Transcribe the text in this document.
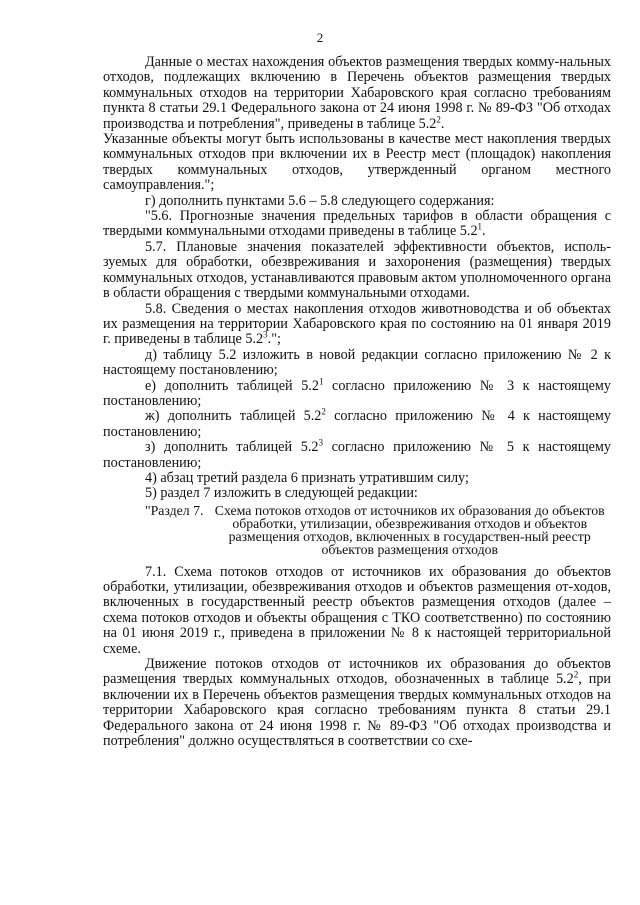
2

Данные о местах нахождения объектов размещения твердых комму-нальных отходов, подлежащих включению в Перечень объектов размещения твердых коммунальных отходов на территории Хабаровского края согласно требованиям пункта 8 статьи 29.1 Федерального закона от 24 июня 1998 г. № 89-ФЗ "Об отходах производства и потребления", приведены в таблице $5.2^2$.

Указанные объекты могут быть использованы в качестве мест накопления твердых коммунальных отходов при включении их в Реестр мест (площадок) накопления твердых коммунальных отходов, утвержденный органом местного самоуправления.";

г) дополнить пунктами 5.6 – 5.8 следующего содержания:

"5.6. Прогнозные значения предельных тарифов в области обращения с твердыми коммунальными отходами приведены в таблице $5.2^1$.

5.7. Плановые значения показателей эффективности объектов, исполь-зуемых для обработки, обезвреживания и захоронения (размещения) твердых коммунальных отходов, устанавливаются правовым актом уполномоченного органа в области обращения с твердыми коммунальными отходами.

5.8. Сведения о местах накопления отходов животноводства и об объектах их размещения на территории Хабаровского края по состоянию на 01 января 2019 г. приведены в таблице $5.2^3$.";

д) таблицу 5.2 изложить в новой редакции согласно приложению № 2 к настоящему постановлению;

е) дополнить таблицей $5.2^1$ согласно приложению № 3 к настоящему постановлению;

ж) дополнить таблицей $5.2^2$ согласно приложению № 4 к настоящему постановлению;

з) дополнить таблицей $5.2^3$ согласно приложению № 5 к настоящему постановлению;

4) абзац третий раздела 6 признать утратившим силу;

5) раздел 7 изложить в следующей редакции:

"Раздел 7. Схема потоков отходов от источников их образования до объектов обработки, утилизации, обезвреживания отходов и объектов размещения отходов, включенных в государствен-ный реестр объектов размещения отходов

7.1. Схема потоков отходов от источников их образования до объектов обработки, утилизации, обезвреживания отходов и объектов размещения от-ходов, включенных в государственный реестр объектов размещения отходов (далее – схема потоков отходов и объекты обращения с ТКО соответственно) по состоянию на 01 июня 2019 г., приведена в приложении № 8 к настоящей территориальной схеме.

Движение потоков отходов от источников их образования до объектов размещения твердых коммунальных отходов, обозначенных в таблице $5.2^2$, при включении их в Перечень объектов размещения твердых коммунальных отходов на территории Хабаровского края согласно требованиям пункта 8 статьи 29.1 Федерального закона от 24 июня 1998 г. № 89-ФЗ "Об отходах производства и потребления" должно осуществляться в соответствии со схе-
